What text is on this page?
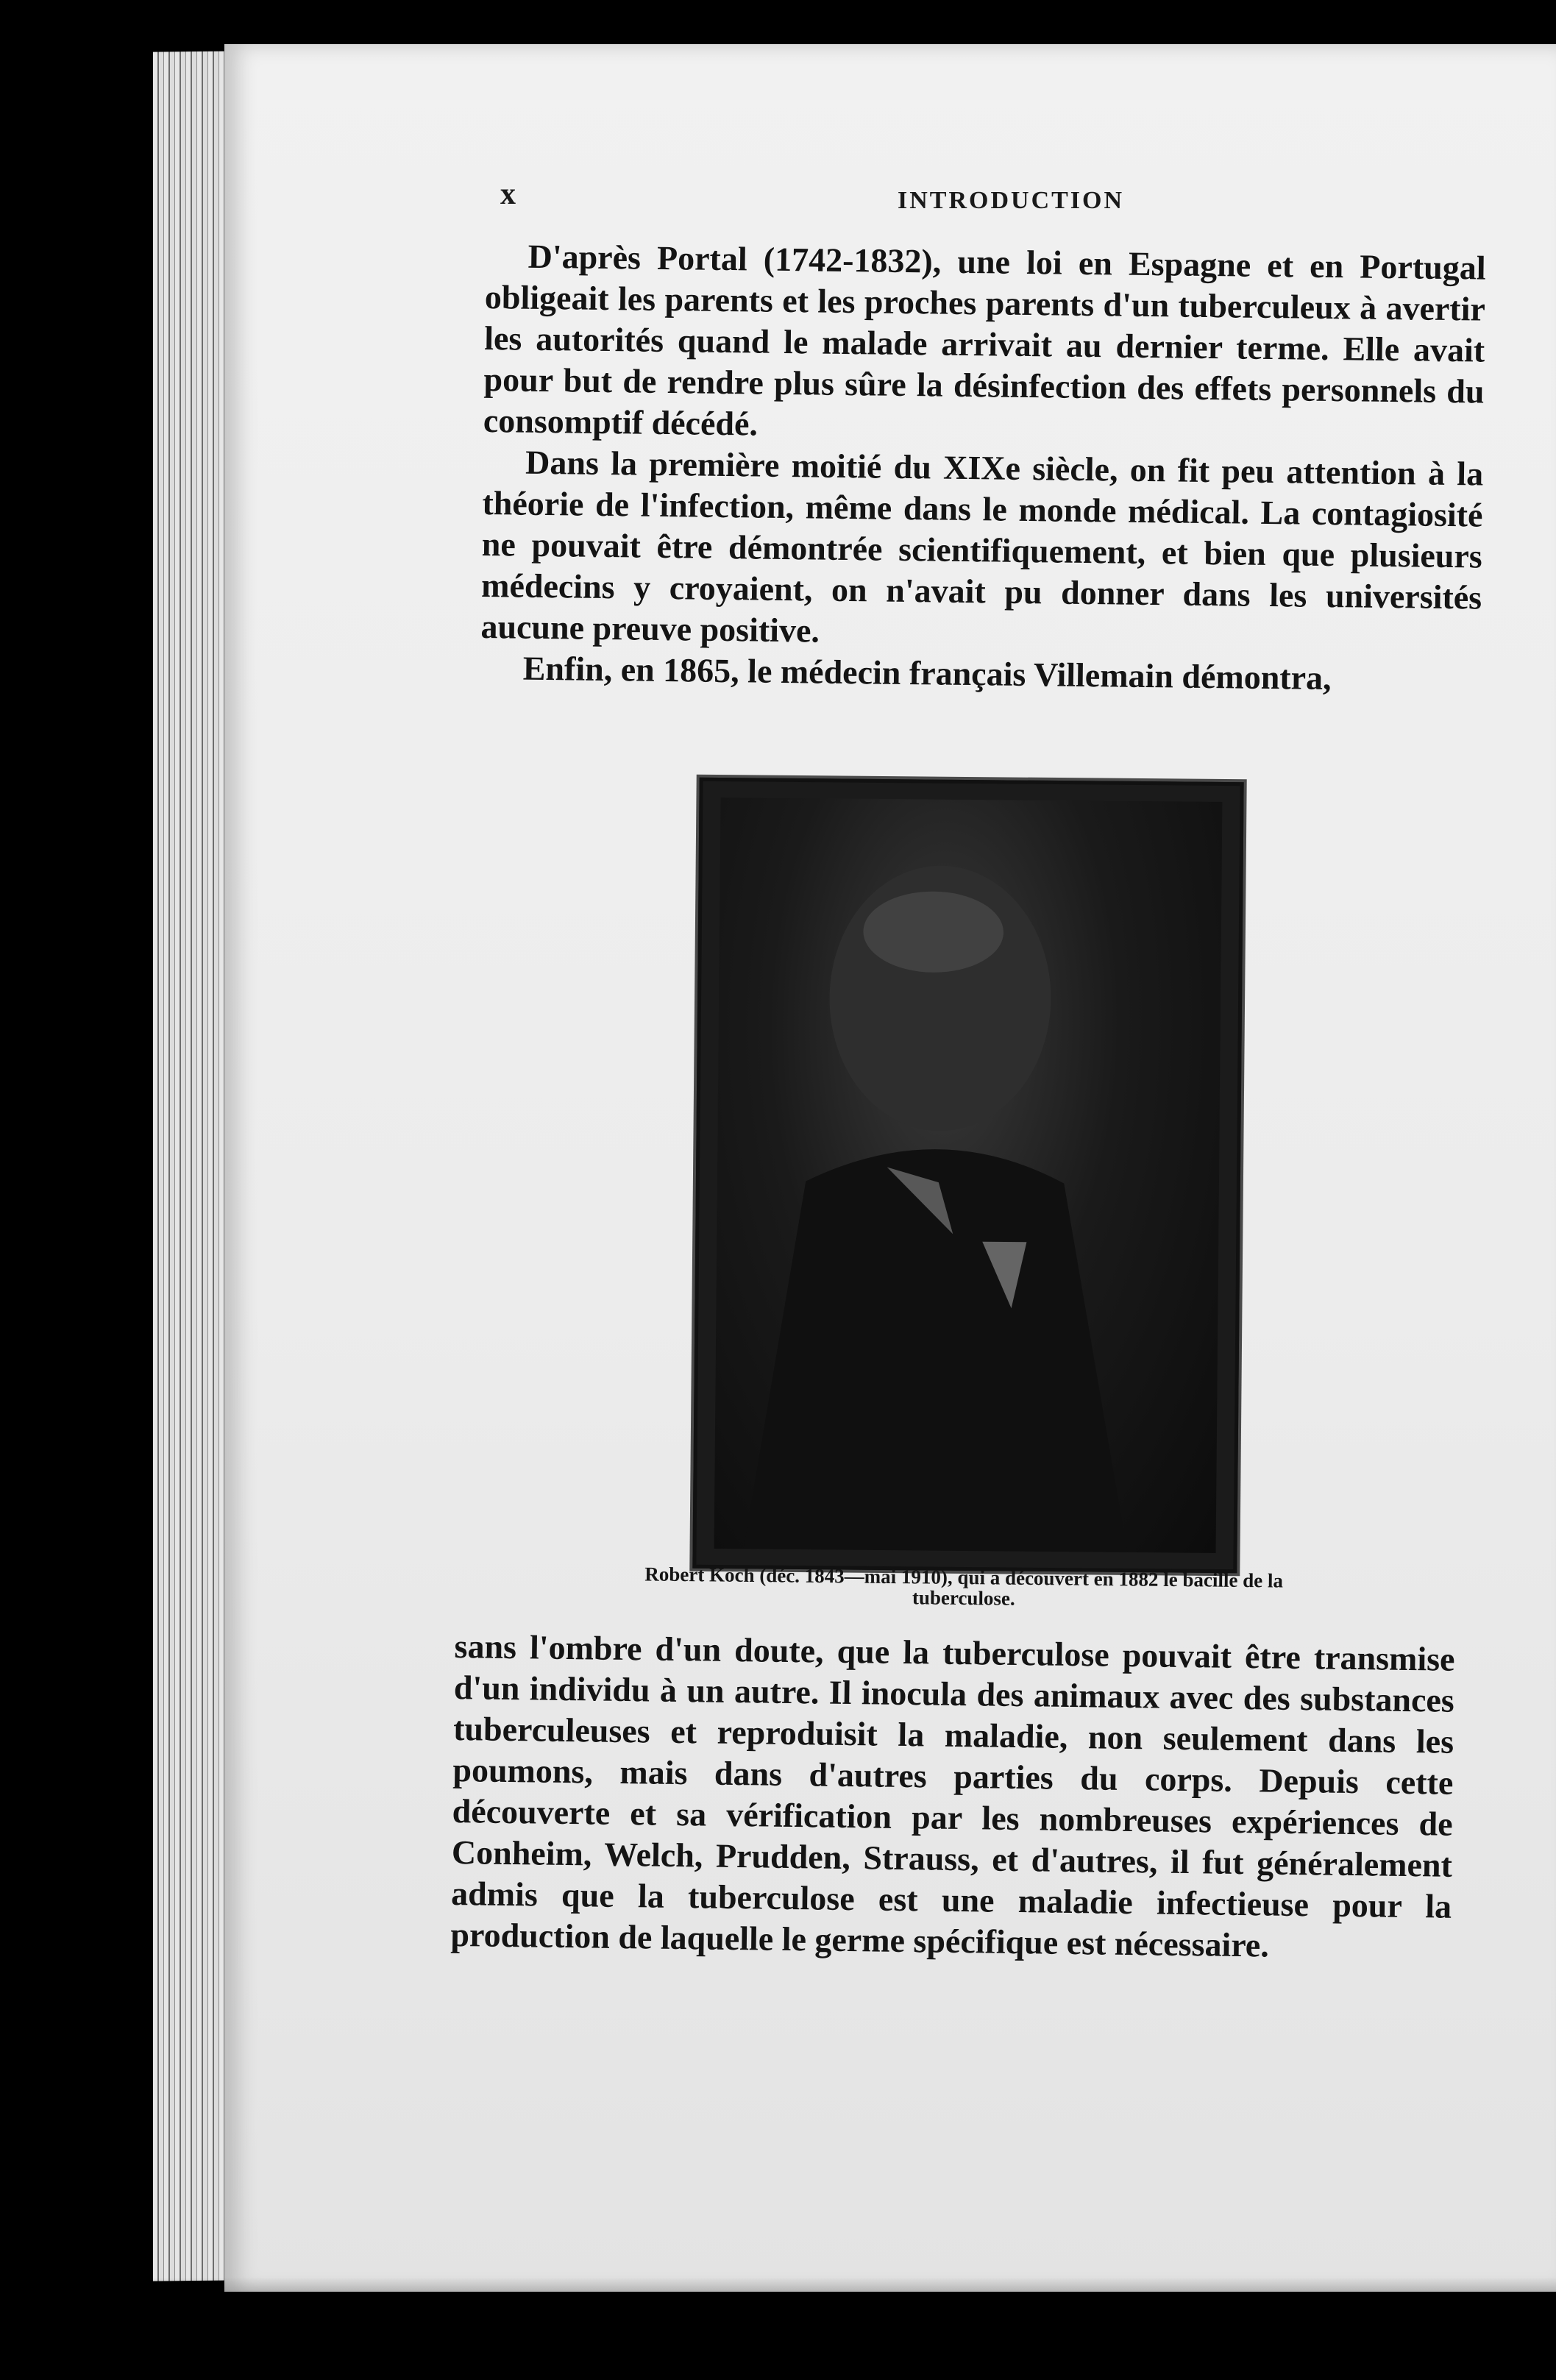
x	INTRODUCTION

D'après Portal (1742-1832), une loi en Espagne et en Portugal obligeait les parents et les proches parents d'un tuberculeux à avertir les autorités quand le malade arrivait au dernier terme. Elle avait pour but de rendre plus sûre la désinfection des effets personnels du consomptif décédé.

Dans la première moitié du XIXe siècle, on fit peu attention à la théorie de l'infection, même dans le monde médical. La contagiosité ne pouvait être démontrée scientifiquement, et bien que plusieurs médecins y croyaient, on n'avait pu donner dans les universités aucune preuve positive.

Enfin, en 1865, le médecin français Villemain démontra,

Robert Koch (déc. 1843—mai 1910), qui a découvert en 1882 le bacille de la
tuberculose.

sans l'ombre d'un doute, que la tuberculose pouvait être transmise d'un individu à un autre. Il inocula des animaux avec des substances tuberculeuses et reproduisit la maladie, non seulement dans les poumons, mais dans d'autres parties du corps. Depuis cette découverte et sa vérification par les nombreuses expériences de Conheim, Welch, Prudden, Strauss, et d'autres, il fut généralement admis que la tuberculose est une maladie infectieuse pour la production de laquelle le germe spécifique est nécessaire.
